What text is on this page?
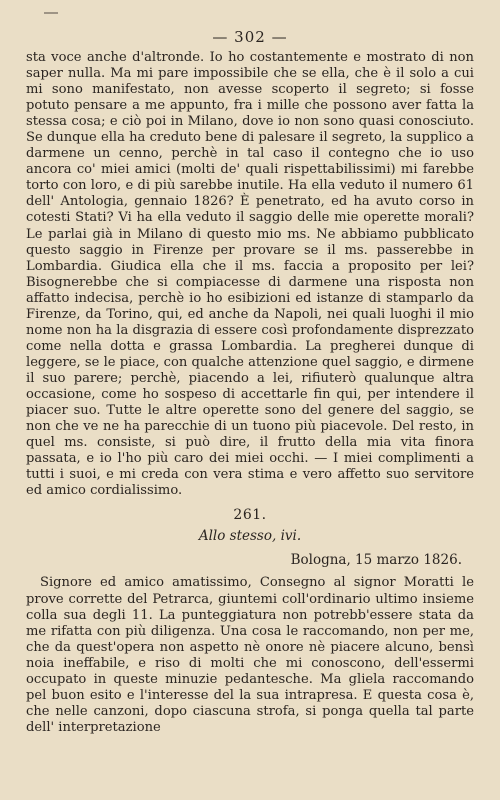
— 302 —

sta voce anche d'altronde. Io ho costantemente e mostrato di non saper nulla. Ma mi pare impossibile che se ella, che è il solo a cui mi sono manifestato, non avesse scoperto il segreto; si fosse potuto pensare a me appunto, fra i mille che possono aver fatta la stessa cosa; e ciò poi in Milano, dove io non sono quasi conosciuto. Se dunque ella ha creduto bene di palesare il segreto, la supplico a darmene un cenno, perchè in tal caso il contegno che io uso ancora co' miei amici (molti de' quali rispettabilissimi) mi farebbe torto con loro, e di più sarebbe inutile. Ha ella veduto il numero 61 dell' Antologia, gennaio 1826? È penetrato, ed ha avuto corso in cotesti Stati? Vi ha ella veduto il saggio delle mie operette morali? Le parlai già in Milano di questo mio ms. Ne abbiamo pubblicato questo saggio in Firenze per provare se il ms. passerebbe in Lombardia. Giudica ella che il ms. faccia a proposito per lei? Bisognerebbe che si compiacesse di darmene una risposta non affatto indecisa, perchè io ho esibizioni ed istanze di stamparlo da Firenze, da Torino, qui, ed anche da Napoli, nei quali luoghi il mio nome non ha la disgrazia di essere così profondamente disprezzato come nella dotta e grassa Lombardia. La pregherei dunque di leggere, se le piace, con qualche attenzione quel saggio, e dirmene il suo parere; perchè, piacendo a lei, rifiuterò qualunque altra occasione, come ho sospeso di accettarle fin qui, per intendere il piacer suo. Tutte le altre operette sono del genere del saggio, se non che ve ne ha parecchie di un tuono più piacevole. Del resto, in quel ms. consiste, si può dire, il frutto della mia vita finora passata, e io l'ho più caro dei miei occhi. — I miei complimenti a tutti i suoi, e mi creda con vera stima e vero affetto suo servitore ed amico cordialissimo.

261.
Allo stesso, ivi.
Bologna, 15 marzo 1826.

Signore ed amico amatissimo, Consegno al signor Moratti le prove corrette del Petrarca, giuntemi coll'ordinario ultimo insieme colla sua degli 11. La punteggiatura non potrebb'essere stata da me rifatta con più diligenza. Una cosa le raccomando, non per me, che da quest'opera non aspetto nè onore nè piacere alcuno, bensì noia ineffabile, e riso di molti che mi conoscono, dell'essermi occupato in queste minuzie pedantesche. Ma gliela raccomando pel buon esito e l'interesse del la sua intrapresa. E questa cosa è, che nelle canzoni, dopo ciascuna strofa, si ponga quella tal parte dell' interpretazione
